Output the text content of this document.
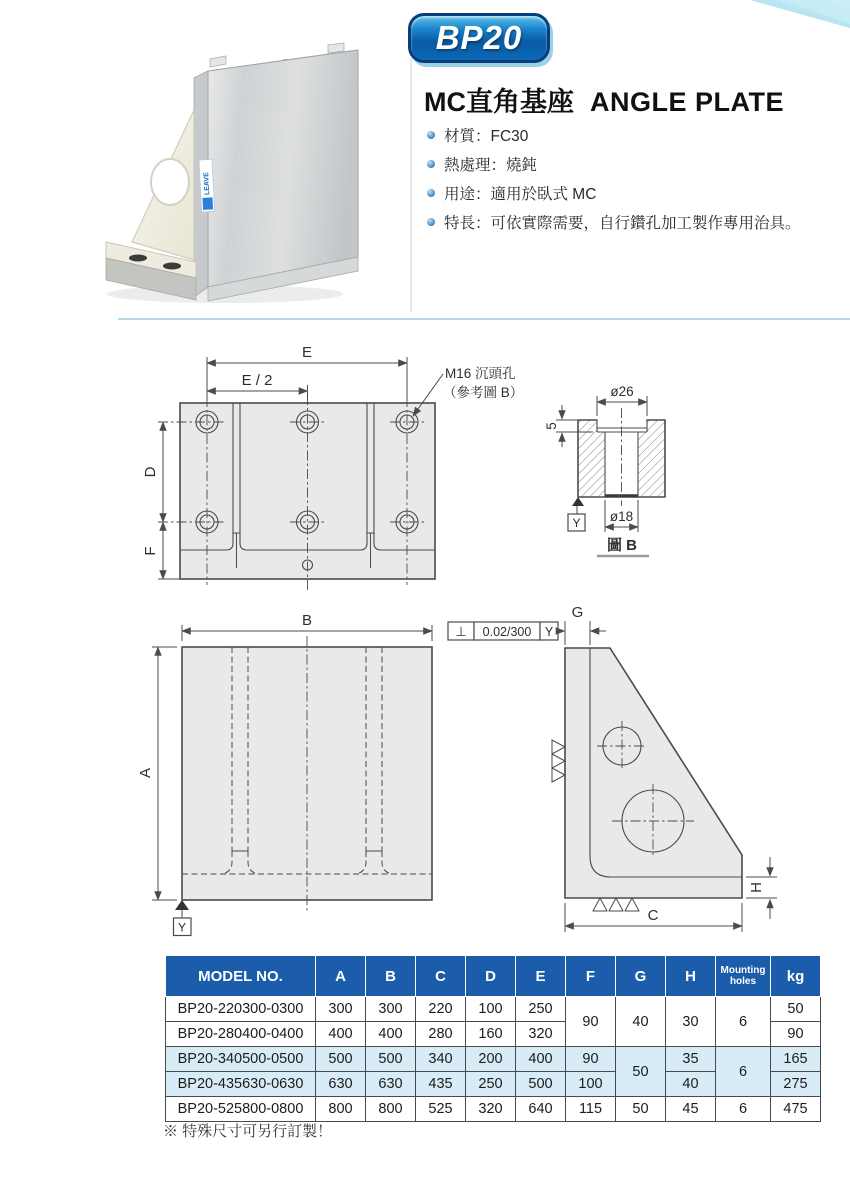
LEAVE
BP20
MC直角基座 ANGLE PLATE
材質：FC30
熱處理：燒鈍
用途：適用於臥式 MC
特長：可依實際需要，自行鑽孔加工製作專用治具。
E
E / 2
D
F
M16 沉頭孔
（參考圖 B）	ø26
5
Y ø18
圖 B
B
A
Y
⊥ 0.02/300 Y
G
C
H
MODEL NO.	A	B	C	D	E	F	G	H	Mounting holes	kg
BP20-220300-0300	300	300	220	100	250	90	40	30	6	50
BP20-280400-0400	400	400	280	160	320					90
BP20-340500-0500	500	500	340	200	400	90	50	35	6	165
BP20-435630-0630	630	630	435	250	500	100		40		275
BP20-525800-0800	800	800	525	320	640	115	50	45	6	475
※ 特殊尺寸可另行訂製！
